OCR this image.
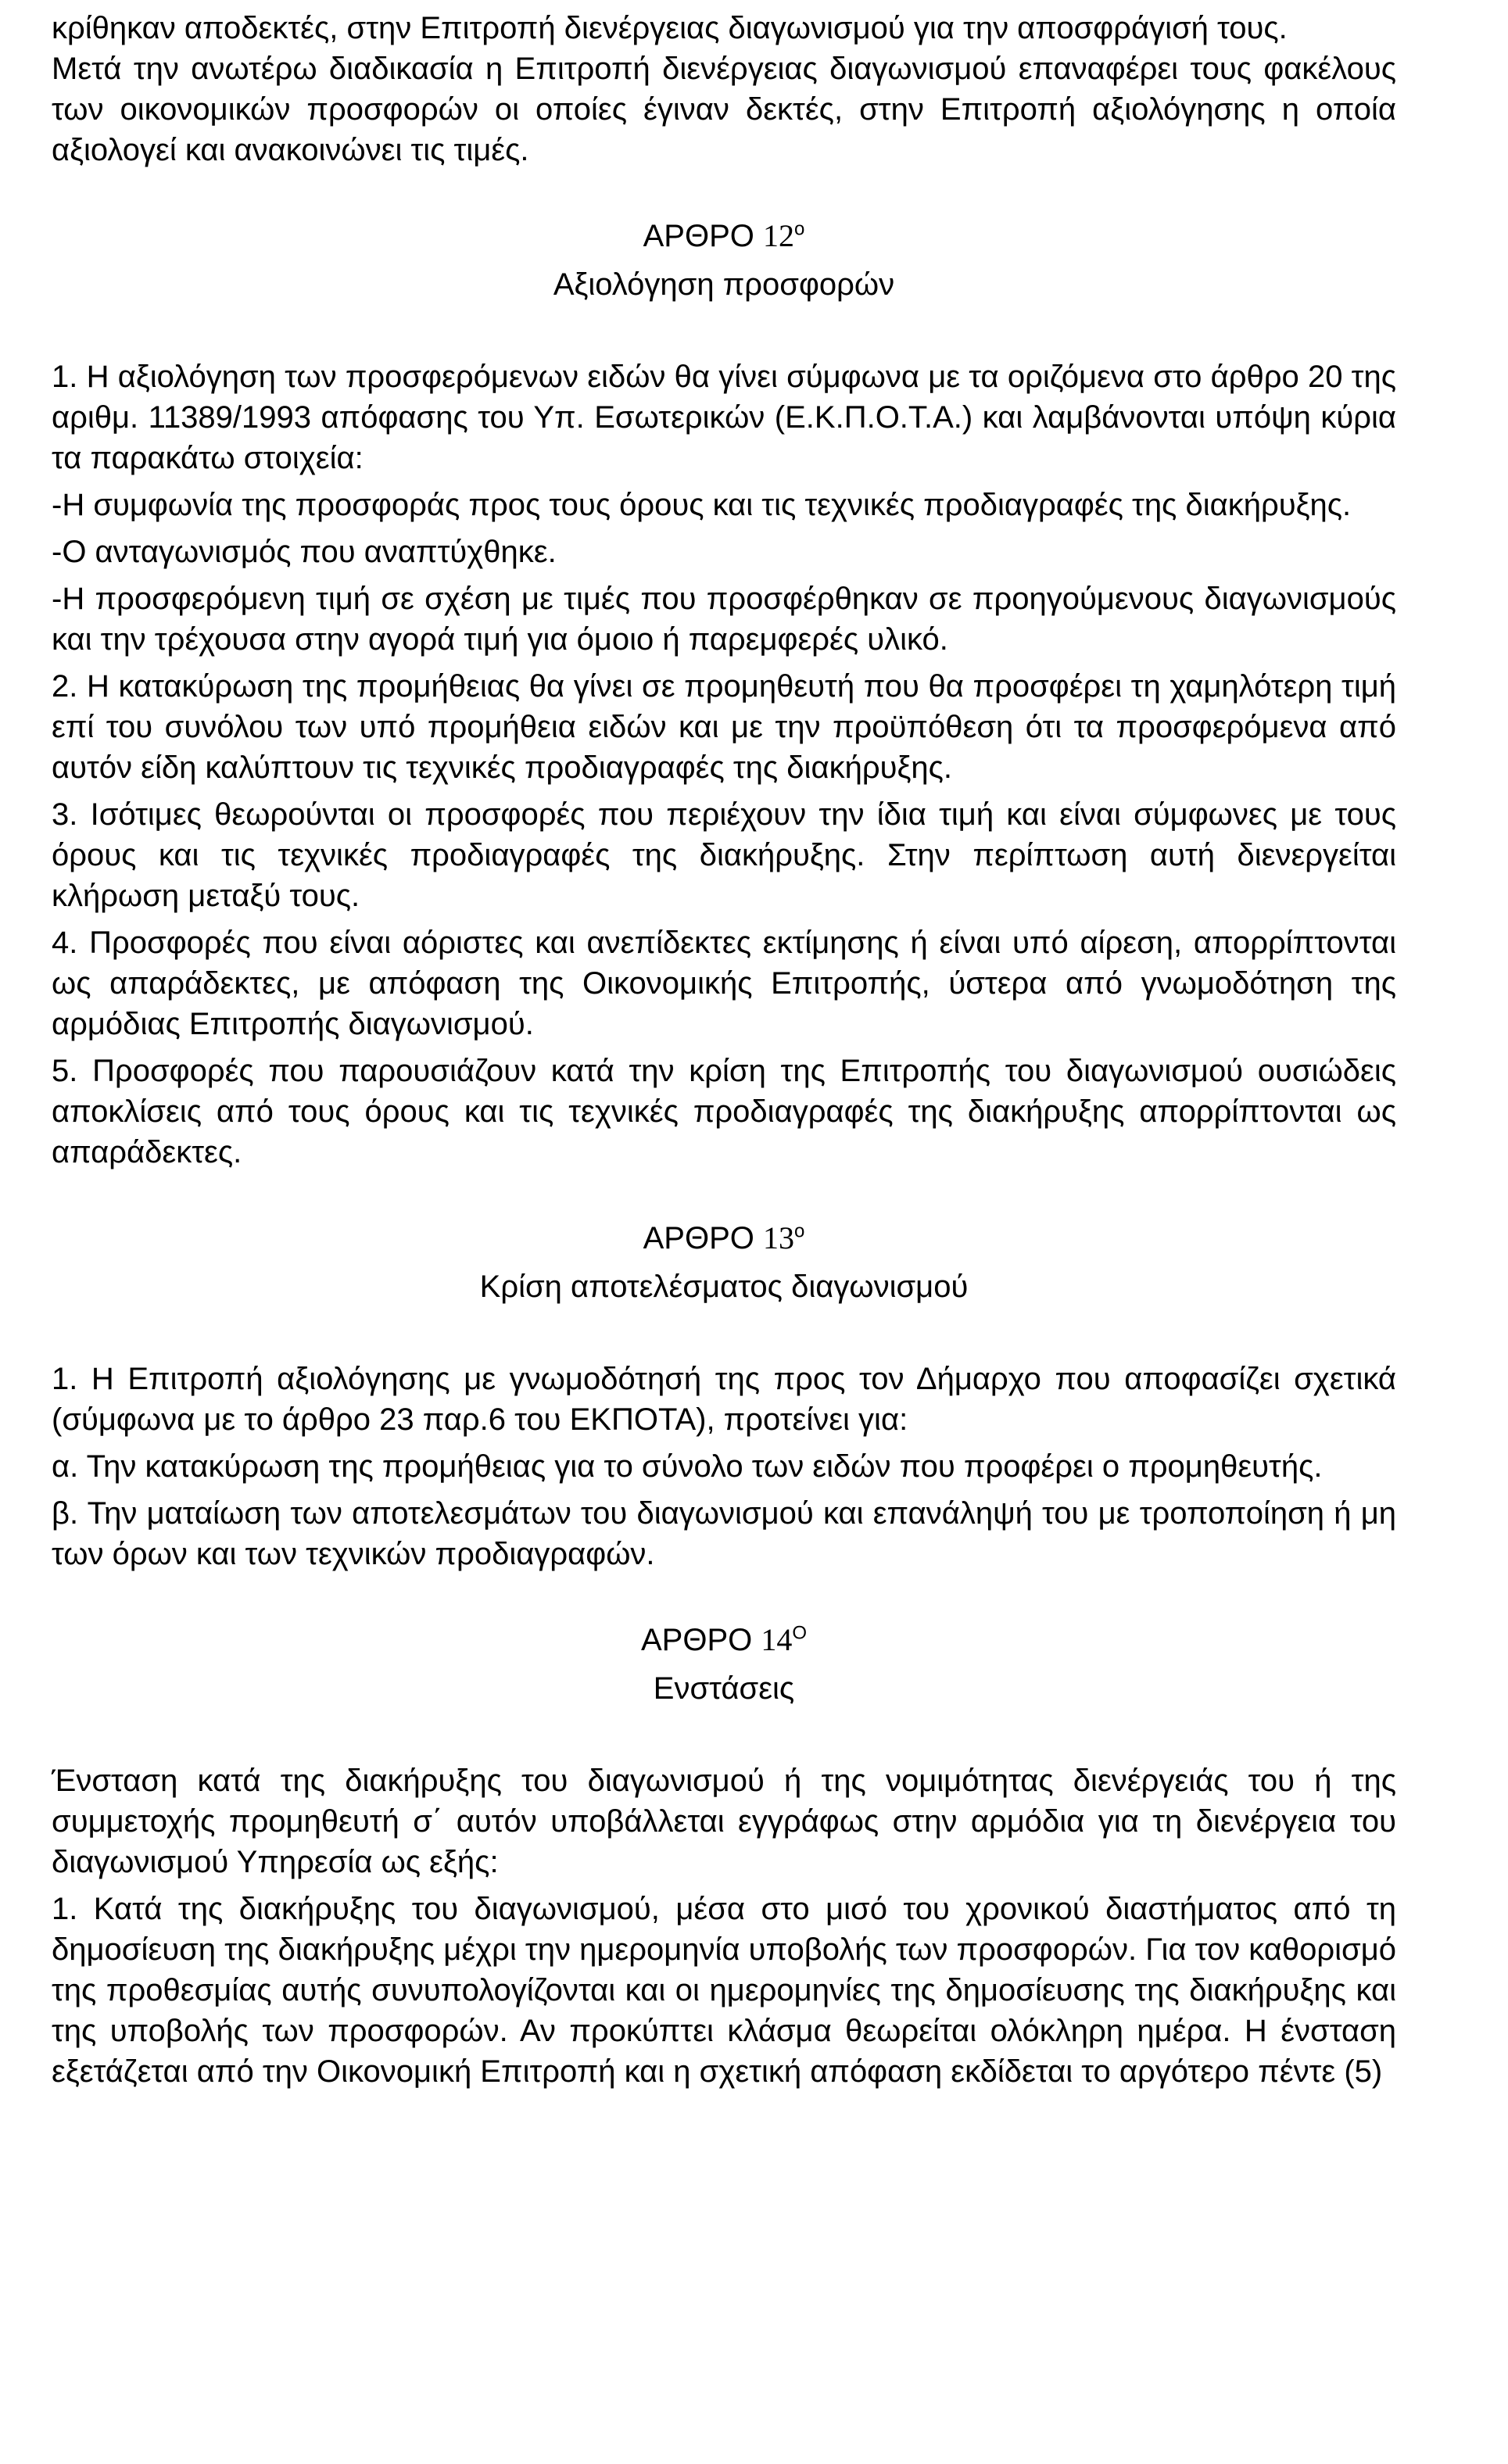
κρίθηκαν αποδεκτές, στην Επιτροπή διενέργειας διαγωνισμού για την αποσφράγισή τους.

Μετά την ανωτέρω διαδικασία η Επιτροπή διενέργειας διαγωνισμού επαναφέρει τους φακέλους των οικονομικών προσφορών οι οποίες έγιναν δεκτές, στην Επιτροπή αξιολόγησης η οποία αξιολογεί και ανακοινώνει τις τιμές.

ΑΡΘΡΟ $12^o$
Αξιολόγηση προσφορών

1. Η αξιολόγηση των προσφερόμενων ειδών θα γίνει σύμφωνα με τα οριζόμενα στο άρθρο 20 της αριθμ. 11389/1993 απόφασης του Υπ. Εσωτερικών (Ε.Κ.Π.Ο.Τ.Α.) και λαμβάνονται υπόψη κύρια τα παρακάτω στοιχεία:

-Η συμφωνία της προσφοράς προς τους όρους και τις τεχνικές προδιαγραφές της διακήρυξης.

-Ο ανταγωνισμός που αναπτύχθηκε.

-Η προσφερόμενη τιμή σε σχέση με τιμές που προσφέρθηκαν σε προηγούμενους διαγωνισμούς και την τρέχουσα στην αγορά τιμή για όμοιο ή παρεμφερές υλικό.

2. Η κατακύρωση της προμήθειας θα γίνει σε προμηθευτή που θα προσφέρει τη χαμηλότερη τιμή επί του συνόλου των υπό προμήθεια ειδών και με την προϋπόθεση ότι τα προσφερόμενα από αυτόν είδη καλύπτουν τις τεχνικές προδιαγραφές της διακήρυξης.

3. Ισότιμες θεωρούνται οι προσφορές που περιέχουν την ίδια τιμή και είναι σύμφωνες με τους όρους και τις τεχνικές προδιαγραφές της διακήρυξης. Στην περίπτωση αυτή διενεργείται κλήρωση μεταξύ τους.

4. Προσφορές που είναι αόριστες και ανεπίδεκτες εκτίμησης ή είναι υπό αίρεση, απορρίπτονται ως απαράδεκτες, με απόφαση της Οικονομικής Επιτροπής, ύστερα από γνωμοδότηση της αρμόδιας Επιτροπής διαγωνισμού.

5. Προσφορές που παρουσιάζουν κατά την κρίση της Επιτροπής του διαγωνισμού ουσιώδεις αποκλίσεις από τους όρους και τις τεχνικές προδιαγραφές της διακήρυξης απορρίπτονται ως απαράδεκτες.

ΑΡΘΡΟ $13^o$
Κρίση αποτελέσματος διαγωνισμού

1. Η Επιτροπή αξιολόγησης με γνωμοδότησή της προς τον Δήμαρχο που αποφασίζει σχετικά (σύμφωνα με το άρθρο 23 παρ.6 του ΕΚΠΟΤΑ), προτείνει για:

α. Την κατακύρωση της προμήθειας για το σύνολο των ειδών που προφέρει ο προμηθευτής.

β. Την ματαίωση των αποτελεσμάτων του διαγωνισμού και επανάληψή του με τροποποίηση ή μη των όρων και των τεχνικών προδιαγραφών.

ΑΡΘΡΟ $14^O$
Ενστάσεις

Ένσταση κατά της διακήρυξης του διαγωνισμού ή της νομιμότητας διενέργειάς του ή της συμμετοχής προμηθευτή σ΄ αυτόν υποβάλλεται εγγράφως στην αρμόδια για τη διενέργεια του διαγωνισμού Υπηρεσία ως εξής:

1. Κατά της διακήρυξης του διαγωνισμού, μέσα στο μισό του χρονικού διαστήματος από τη δημοσίευση της διακήρυξης μέχρι την ημερομηνία υποβολής των προσφορών. Για τον καθορισμό της προθεσμίας αυτής συνυπολογίζονται και οι ημερομηνίες της δημοσίευσης της διακήρυξης και της υποβολής των προσφορών. Αν προκύπτει κλάσμα θεωρείται ολόκληρη ημέρα. Η ένσταση εξετάζεται από την Οικονομική Επιτροπή και η σχετική απόφαση εκδίδεται το αργότερο πέντε (5)
